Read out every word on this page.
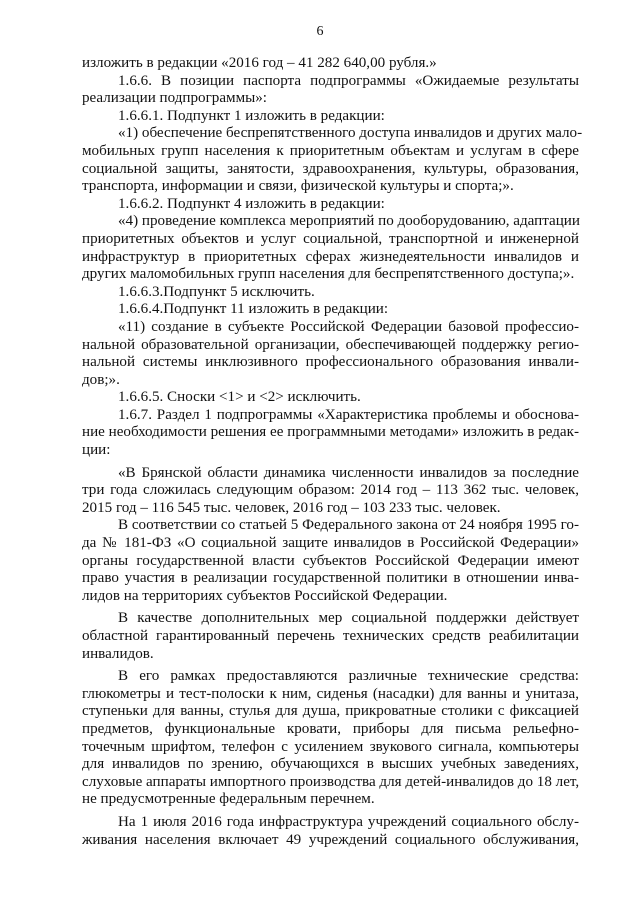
6
изложить в редакции «2016 год – 41 282 640,00 рубля.»
1.6.6. В позиции паспорта подпрограммы «Ожидаемые результаты
реализации подпрограммы»:
1.6.6.1. Подпункт 1 изложить в редакции:
«1) обеспечение беспрепятственного доступа инвалидов и других мало-
мобильных групп населения к приоритетным объектам и услугам в сфере
социальной защиты, занятости, здравоохранения, культуры, образования,
транспорта, информации и связи, физической культуры и спорта;».
1.6.6.2. Подпункт 4 изложить в редакции:
«4) проведение комплекса мероприятий по дооборудованию, адаптации
приоритетных объектов и услуг социальной, транспортной и инженерной
инфраструктур в приоритетных сферах жизнедеятельности инвалидов и
других маломобильных групп населения для беспрепятственного доступа;».
1.6.6.3.Подпункт 5 исключить.
1.6.6.4.Подпункт 11 изложить в редакции:
«11) создание в субъекте Российской Федерации базовой профессио-
нальной образовательной организации, обеспечивающей поддержку регио-
нальной системы инклюзивного профессионального образования инвали-
дов;».
1.6.6.5. Сноски <1> и <2> исключить.
1.6.7. Раздел 1 подпрограммы «Характеристика проблемы и обоснова-
ние необходимости решения ее программными методами» изложить в редак-
ции:
«В Брянской области динамика численности инвалидов за последние
три года сложилась следующим образом: 2014 год – 113 362 тыс. человек,
2015 год – 116 545 тыс. человек, 2016 год – 103 233 тыс. человек.
В соответствии со статьей 5 Федерального закона от 24 ноября 1995 го-
да № 181-ФЗ «О социальной защите инвалидов в Российской Федерации»
органы государственной власти субъектов Российской Федерации имеют
право участия в реализации государственной политики в отношении инва-
лидов на территориях субъектов Российской Федерации.
В качестве дополнительных мер социальной поддержки действует
областной гарантированный перечень технических средств реабилитации
инвалидов.
В его рамках предоставляются различные технические средства:
глюкометры и тест-полоски к ним, сиденья (насадки) для ванны и унитаза,
ступеньки для ванны, стулья для душа, прикроватные столики с фиксацией
предметов, функциональные кровати, приборы для письма рельефно-
точечным шрифтом, телефон с усилением звукового сигнала, компьютеры
для инвалидов по зрению, обучающихся в высших учебных заведениях,
слуховые аппараты импортного производства для детей-инвалидов до 18 лет,
не предусмотренные федеральным перечнем.
На 1 июля 2016 года инфраструктура учреждений социального обслу-
живания населения включает 49 учреждений социального обслуживания,
